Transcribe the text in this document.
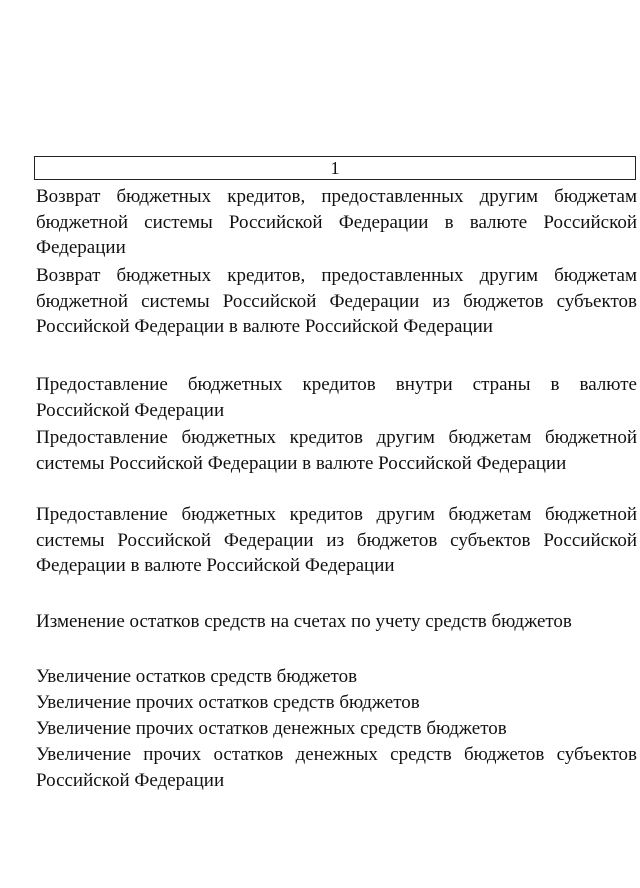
1

Возврат бюджетных кредитов, предоставленных другим бюджетам бюджетной системы Российской Федерации в валюте Российской Федерации

Возврат бюджетных кредитов, предоставленных другим бюджетам бюджетной системы Российской Федерации из бюджетов субъектов Российской Федерации в валюте Российской Федерации

Предоставление бюджетных кредитов внутри страны в валюте Российской Федерации

Предоставление бюджетных кредитов другим бюджетам бюджетной системы Российской Федерации в валюте Российской Федерации

Предоставление бюджетных кредитов другим бюджетам бюджетной системы Российской Федерации из бюджетов субъектов Российской Федерации в валюте Российской Федерации

Изменение остатков средств на счетах по учету средств бюджетов

Увеличение остатков средств бюджетов

Увеличение прочих остатков средств бюджетов

Увеличение прочих остатков денежных средств бюджетов

Увеличение прочих остатков денежных средств бюджетов субъектов Российской Федерации
